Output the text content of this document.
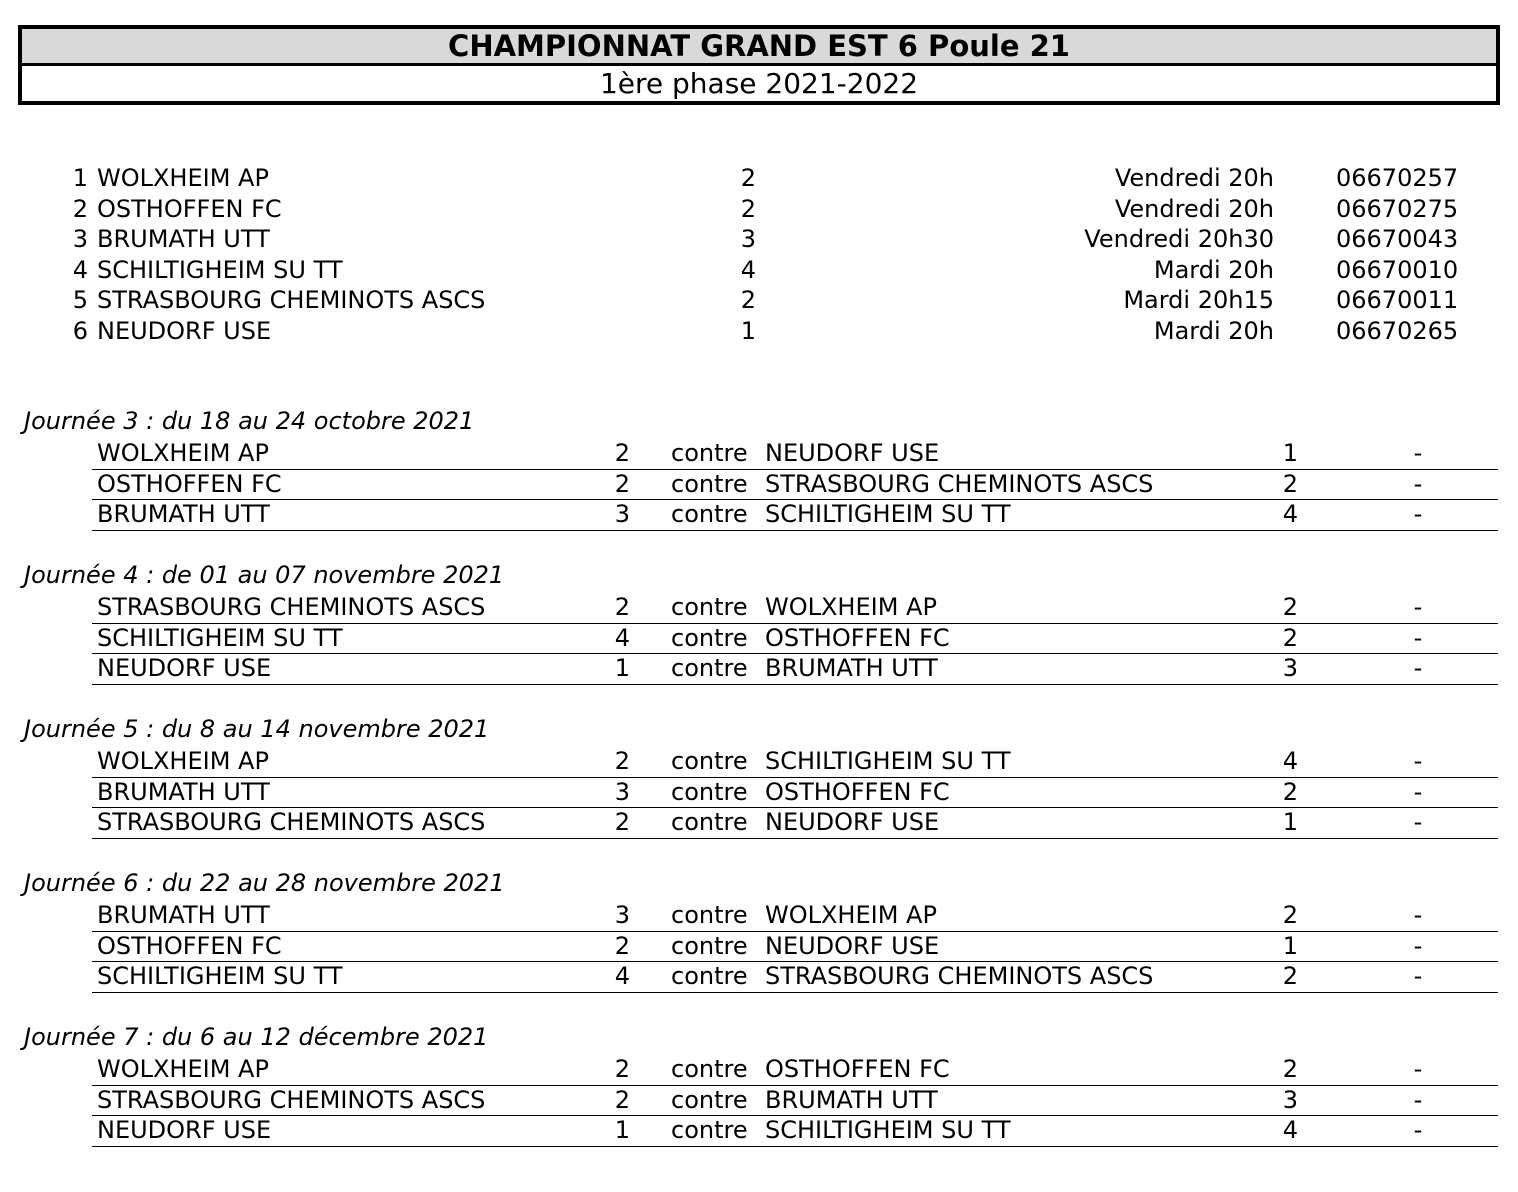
CHAMPIONNAT GRAND EST 6 Poule 21
1ère phase 2021-2022
1 WOLXHEIM AP	2	Vendredi 20h	06670257
2 OSTHOFFEN FC	2	Vendredi 20h	06670275
3 BRUMATH UTT	3	Vendredi 20h30	06670043
4 SCHILTIGHEIM SU TT	4	Mardi 20h	06670010
5 STRASBOURG CHEMINOTS ASCS	2	Mardi 20h15	06670011
6 NEUDORF USE	1	Mardi 20h	06670265
Journée 3 : du 18 au 24 octobre 2021
WOLXHEIM AP	2 contre NEUDORF USE	1	-
OSTHOFFEN FC	2 contre STRASBOURG CHEMINOTS ASCS	2	-
BRUMATH UTT	3 contre SCHILTIGHEIM SU TT	4	-
Journée 4 : de 01 au 07 novembre 2021
STRASBOURG CHEMINOTS ASCS	2 contre WOLXHEIM AP	2	-
SCHILTIGHEIM SU TT	4 contre OSTHOFFEN FC	2	-
NEUDORF USE	1 contre BRUMATH UTT	3	-
Journée 5 : du 8 au 14 novembre 2021
WOLXHEIM AP	2 contre SCHILTIGHEIM SU TT	4	-
BRUMATH UTT	3 contre OSTHOFFEN FC	2	-
STRASBOURG CHEMINOTS ASCS	2 contre NEUDORF USE	1	-
Journée 6 : du 22 au 28 novembre 2021
BRUMATH UTT	3 contre WOLXHEIM AP	2	-
OSTHOFFEN FC	2 contre NEUDORF USE	1	-
SCHILTIGHEIM SU TT	4 contre STRASBOURG CHEMINOTS ASCS	2	-
Journée 7 : du 6 au 12 décembre 2021
WOLXHEIM AP	2 contre OSTHOFFEN FC	2	-
STRASBOURG CHEMINOTS ASCS	2 contre BRUMATH UTT	3	-
NEUDORF USE	1 contre SCHILTIGHEIM SU TT	4	-
